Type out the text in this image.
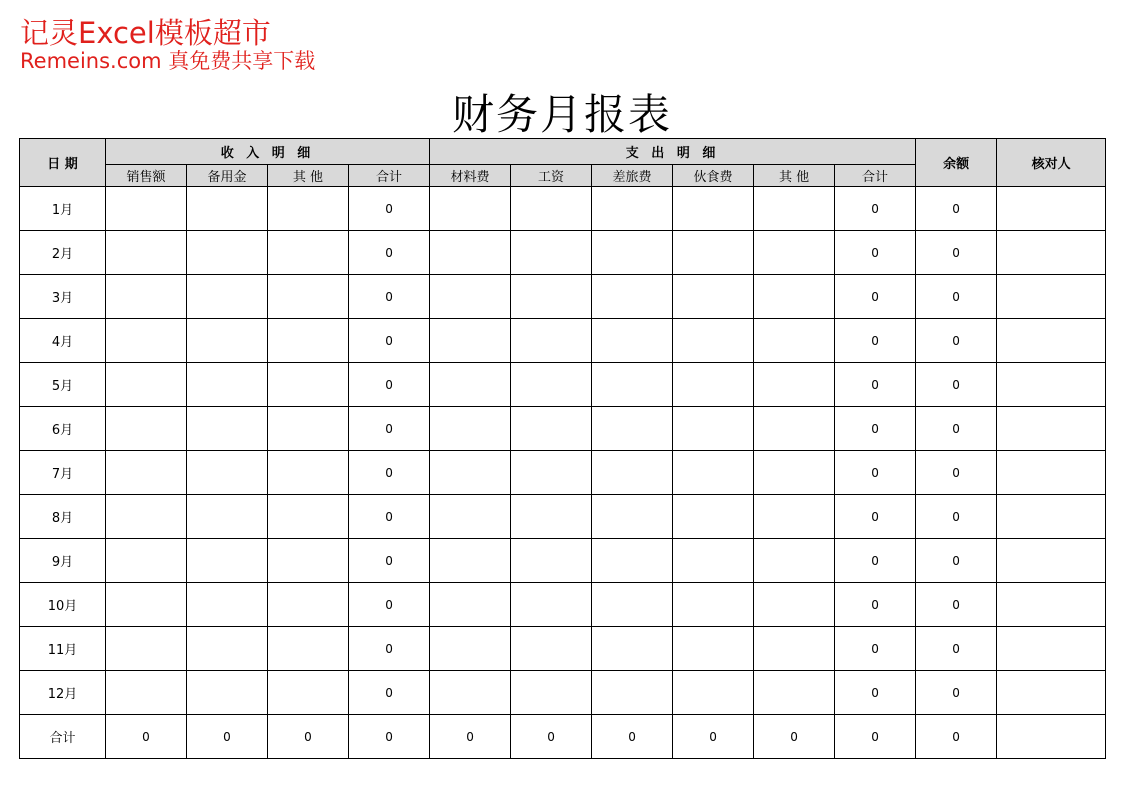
记灵Excel模板超市
Remeins.com 真免费共享下载
财务月报表
日 期	收 入 明 细				支 出 明 细						余额	核对人
	销售额	备用金	其 他	合计	材料费	工资	差旅费	伙食费	其 他	合计		
1月				0						0	0	
2月				0						0	0	
3月				0						0	0	
4月				0						0	0	
5月				0						0	0	
6月				0						0	0	
7月				0						0	0	
8月				0						0	0	
9月				0						0	0	
10月				0						0	0	
11月				0						0	0	
12月				0						0	0	
合计	0	0	0	0	0	0	0	0	0	0	0	
